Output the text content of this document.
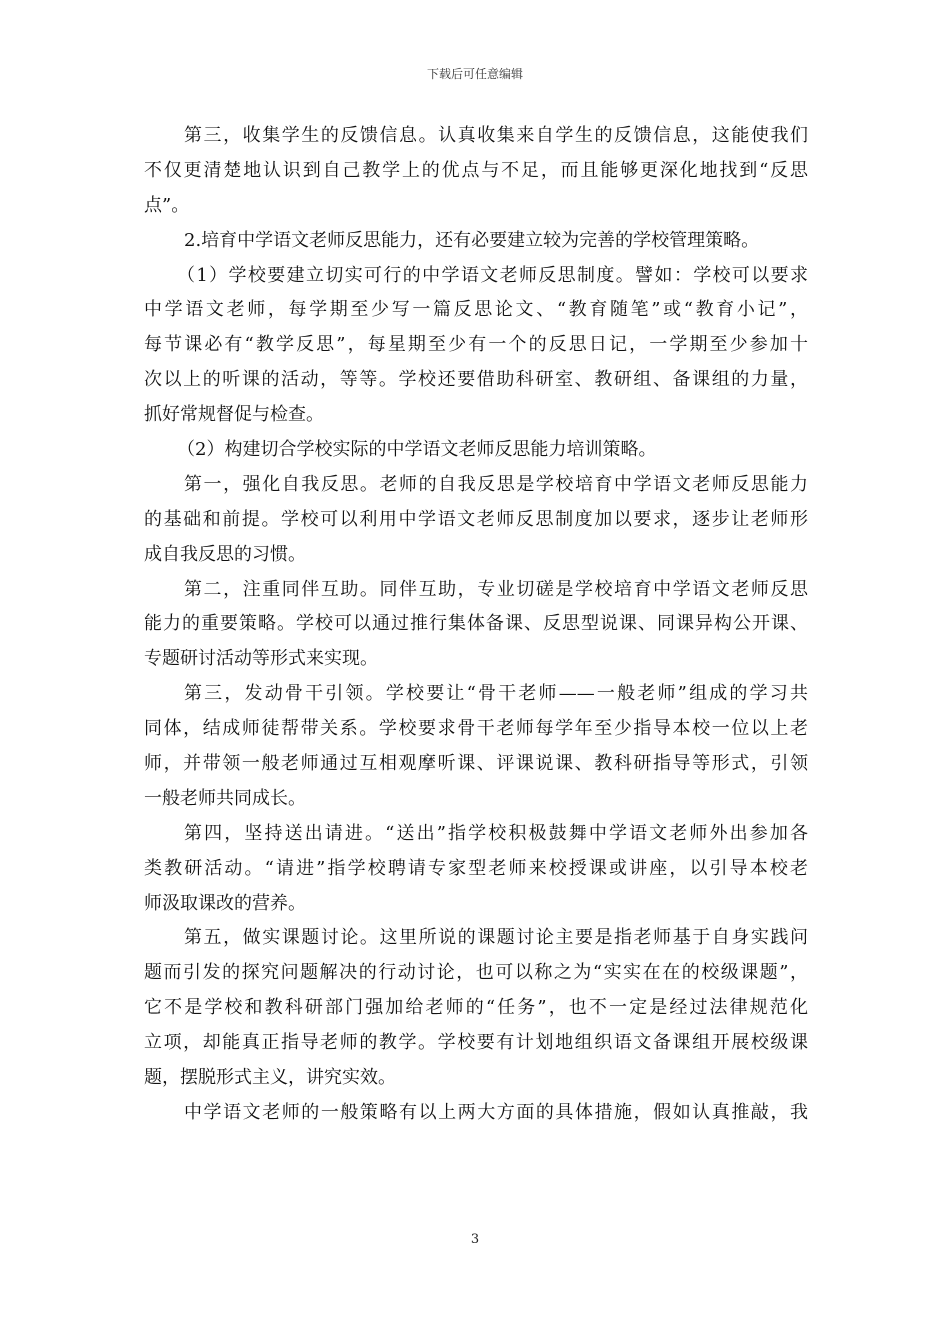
下载后可任意编辑
第三，收集学生的反馈信息。认真收集来自学生的反馈信息，这能使我们
不仅更清楚地认识到自己教学上的优点与不足，而且能够更深化地找到“反思
点”。
2.培育中学语文老师反思能力，还有必要建立较为完善的学校管理策略。
（1）学校要建立切实可行的中学语文老师反思制度。譬如：学校可以要求
中学语文老师，每学期至少写一篇反思论文、“教育随笔”或“教育小记”，
每节课必有“教学反思”，每星期至少有一个的反思日记，一学期至少参加十
次以上的听课的活动，等等。学校还要借助科研室、教研组、备课组的力量，
抓好常规督促与检查。
（2）构建切合学校实际的中学语文老师反思能力培训策略。
第一，强化自我反思。老师的自我反思是学校培育中学语文老师反思能力
的基础和前提。学校可以利用中学语文老师反思制度加以要求，逐步让老师形
成自我反思的习惯。
第二，注重同伴互助。同伴互助，专业切磋是学校培育中学语文老师反思
能力的重要策略。学校可以通过推行集体备课、反思型说课、同课异构公开课、
专题研讨活动等形式来实现。
第三，发动骨干引领。学校要让“骨干老师——一般老师”组成的学习共
同体，结成师徒帮带关系。学校要求骨干老师每学年至少指导本校一位以上老
师，并带领一般老师通过互相观摩听课、评课说课、教科研指导等形式，引领
一般老师共同成长。
第四，坚持送出请进。“送出”指学校积极鼓舞中学语文老师外出参加各
类教研活动。“请进”指学校聘请专家型老师来校授课或讲座，以引导本校老
师汲取课改的营养。
第五，做实课题讨论。这里所说的课题讨论主要是指老师基于自身实践问
题而引发的探究问题解决的行动讨论，也可以称之为“实实在在的校级课题”，
它不是学校和教科研部门强加给老师的“任务”，也不一定是经过法律规范化
立项，却能真正指导老师的教学。学校要有计划地组织语文备课组开展校级课
题，摆脱形式主义，讲究实效。
中学语文老师的一般策略有以上两大方面的具体措施，假如认真推敲，我
3
